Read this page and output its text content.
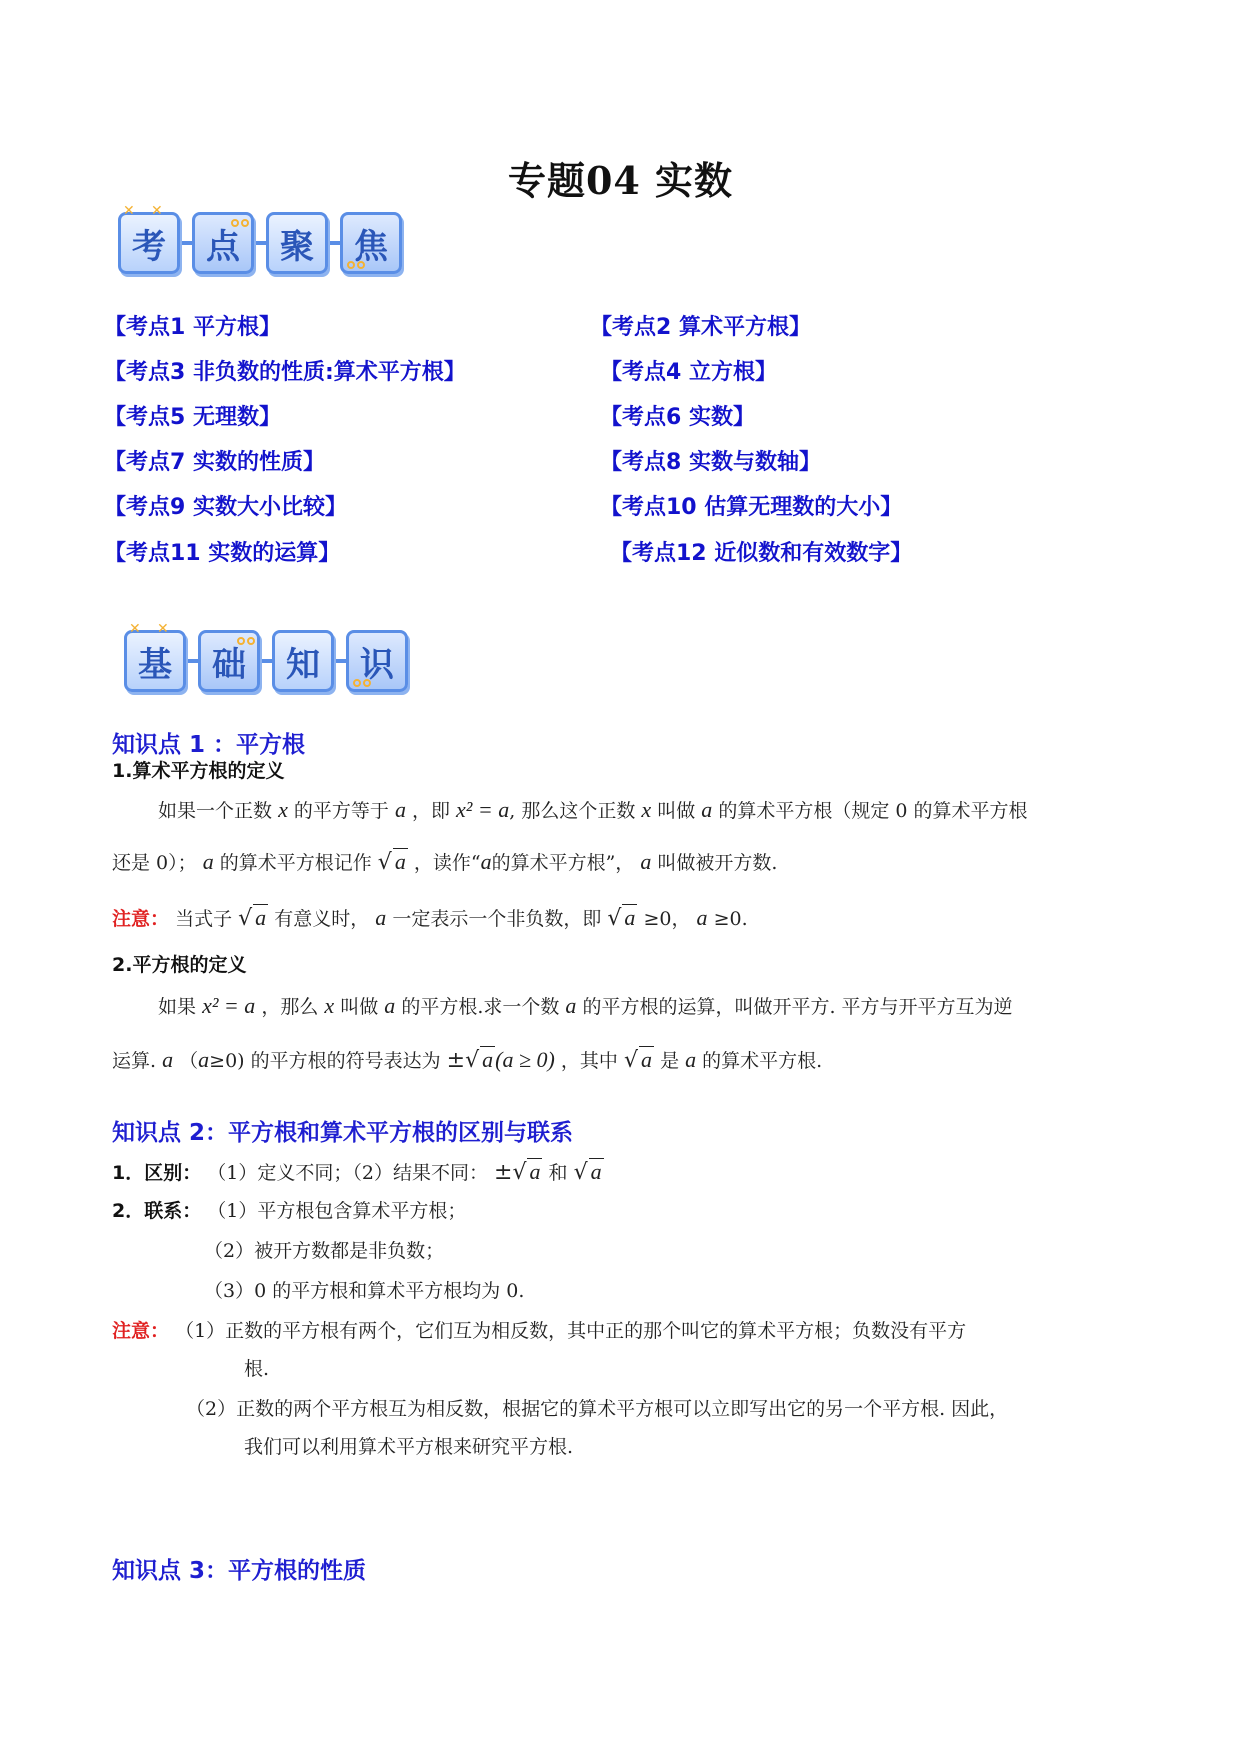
专题04 实数
✕ ✕
考 点 聚 焦
【考点1 平方根】	【考点2 算术平方根】
【考点3 非负数的性质:算术平方根】	【考点4 立方根】
【考点5 无理数】	【考点6 实数】
【考点7 实数的性质】	【考点8 实数与数轴】
【考点9 实数大小比较】	【考点10 估算无理数的大小】
【考点11 实数的运算】	【考点12 近似数和有效数字】
✕ ✕
基 础 知 识
知识点 1 ：平方根
1.算术平方根的定义
如果一个正数 x 的平方等于 a ，即 x² = a, 那么这个正数 x 叫做 a 的算术平方根（规定 0 的算术平方根
还是 0）； a 的算术平方根记作 √ a ，读作“a的算术平方根”， a 叫做被开方数.
注意： 当式子 √ a 有意义时， a 一定表示一个非负数，即 √ a ≥0， a ≥0.
2.平方根的定义
如果 x² = a ，那么 x 叫做 a 的平方根.求一个数 a 的平方根的运算，叫做开平方. 平方与开平方互为逆
运算. a （a≥0) 的平方根的符号表达为 ±√ a(a ≥ 0) ，其中 √ a 是 a 的算术平方根.
知识点 2：平方根和算术平方根的区别与联系
1．区别： （1）定义不同；（2）结果不同： ±√ a 和 √ a
2．联系： （1）平方根包含算术平方根；
（2）被开方数都是非负数；
（3）0 的平方根和算术平方根均为 0.
注意： （1）正数的平方根有两个，它们互为相反数，其中正的那个叫它的算术平方根；负数没有平方
根.
（2）正数的两个平方根互为相反数，根据它的算术平方根可以立即写出它的另一个平方根. 因此，
我们可以利用算术平方根来研究平方根.
知识点 3：平方根的性质
